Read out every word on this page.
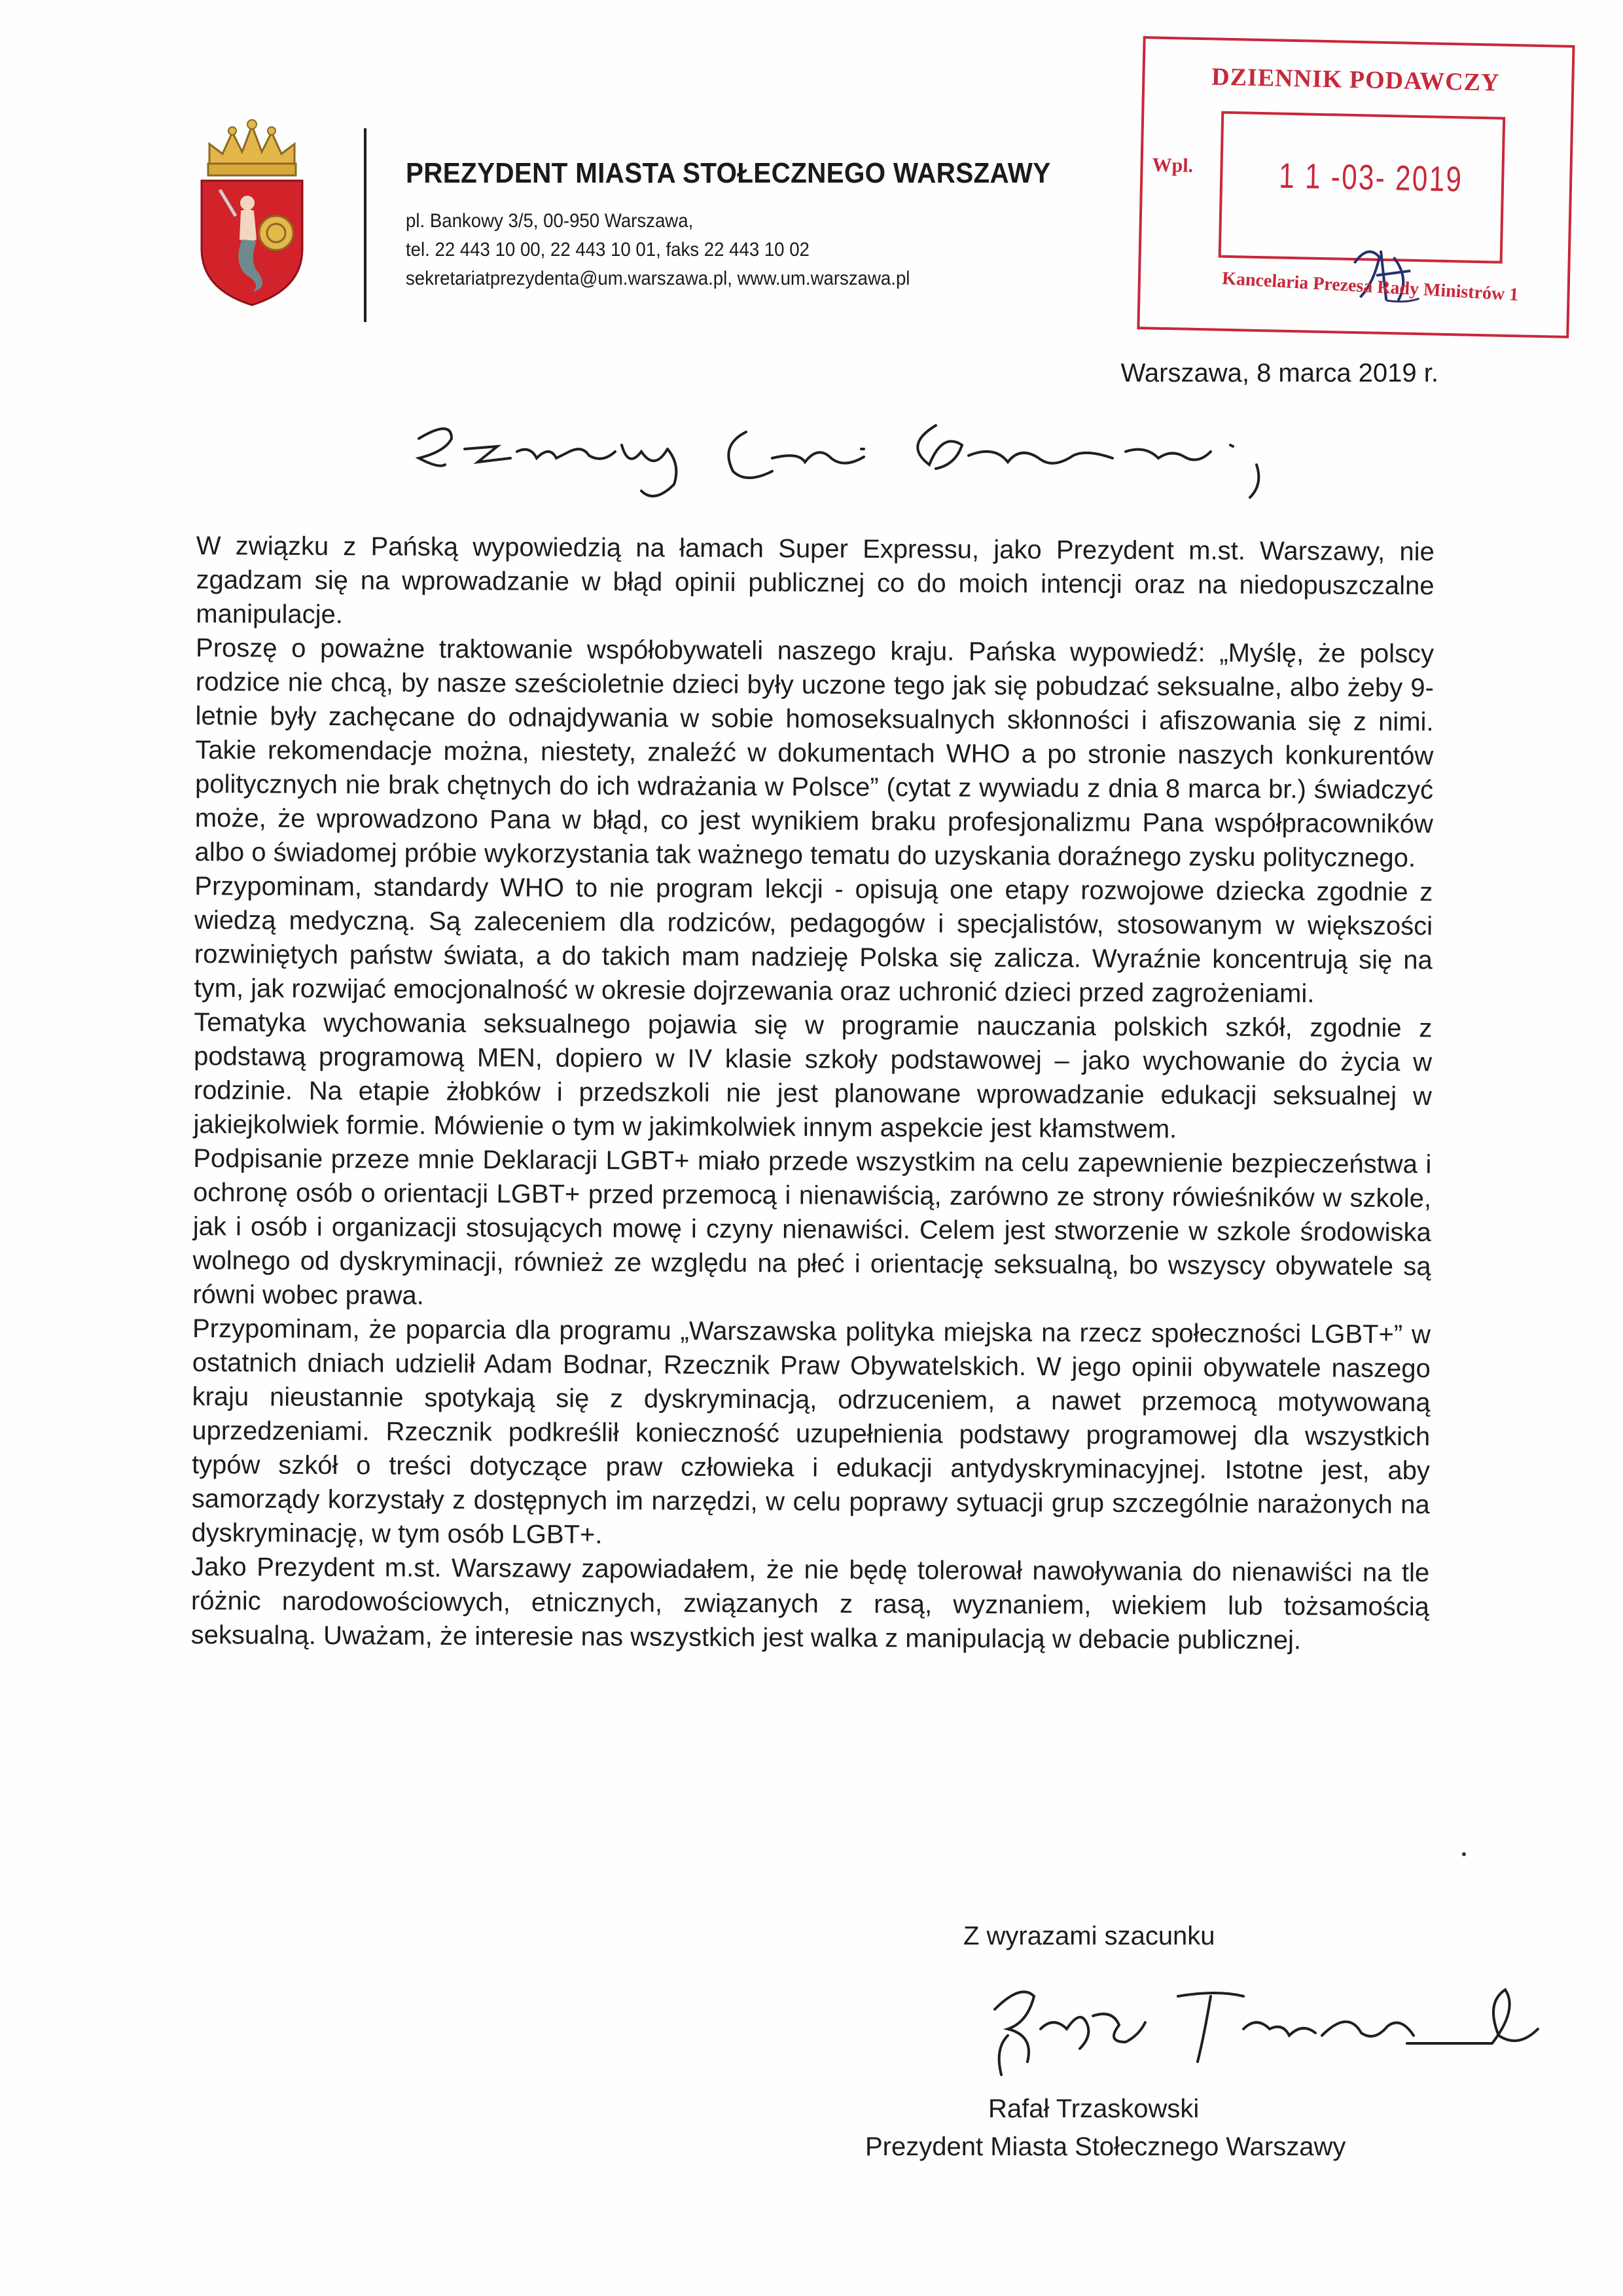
PREZYDENT MIASTA STOŁECZNEGO WARSZAWY
pl. Bankowy 3/5, 00-950 Warszawa,
tel. 22 443 10 00, 22 443 10 01, faks 22 443 10 02
sekretariatprezydenta@um.warszawa.pl, www.um.warszawa.pl
DZIENNIK PODAWCZY
Wpl. 1 1 -03- 2019
Kancelaria Prezesa Rady Ministrów 1
Warszawa, 8 marca 2019 r.

W związku z Pańską wypowiedzią na łamach Super Expressu, jako Prezydent m.st. Warszawy, nie zgadzam się na wprowadzanie w błąd opinii publicznej co do moich intencji oraz na niedopuszczalne manipulacje.

Proszę o poważne traktowanie współobywateli naszego kraju. Pańska wypowiedź: „Myślę, że polscy rodzice nie chcą, by nasze sześcioletnie dzieci były uczone tego jak się pobudzać seksualne, albo żeby 9-letnie były zachęcane do odnajdywania w sobie homoseksualnych skłonności i afiszowania się z nimi. Takie rekomendacje można, niestety, znaleźć w dokumentach WHO a po stronie naszych konkurentów politycznych nie brak chętnych do ich wdrażania w Polsce” (cytat z wywiadu z dnia 8 marca br.) świadczyć może, że wprowadzono Pana w błąd, co jest wynikiem braku profesjonalizmu Pana współpracowników albo o świadomej próbie wykorzystania tak ważnego tematu do uzyskania doraźnego zysku politycznego.

Przypominam, standardy WHO to nie program lekcji - opisują one etapy rozwojowe dziecka zgodnie z wiedzą medyczną. Są zaleceniem dla rodziców, pedagogów i specjalistów, stosowanym w większości rozwiniętych państw świata, a do takich mam nadzieję Polska się zalicza. Wyraźnie koncentrują się na tym, jak rozwijać emocjonalność w okresie dojrzewania oraz uchronić dzieci przed zagrożeniami.

Tematyka wychowania seksualnego pojawia się w programie nauczania polskich szkół, zgodnie z podstawą programową MEN, dopiero w IV klasie szkoły podstawowej – jako wychowanie do życia w rodzinie. Na etapie żłobków i przedszkoli nie jest planowane wprowadzanie edukacji seksualnej w jakiejkolwiek formie. Mówienie o tym w jakimkolwiek innym aspekcie jest kłamstwem.

Podpisanie przeze mnie Deklaracji LGBT+ miało przede wszystkim na celu zapewnienie bezpieczeństwa i ochronę osób o orientacji LGBT+ przed przemocą i nienawiścią, zarówno ze strony rówieśników w szkole, jak i osób i organizacji stosujących mowę i czyny nienawiści. Celem jest stworzenie w szkole środowiska wolnego od dyskryminacji, również ze względu na płeć i orientację seksualną, bo wszyscy obywatele są równi wobec prawa.

Przypominam, że poparcia dla programu „Warszawska polityka miejska na rzecz społeczności LGBT+” w ostatnich dniach udzielił Adam Bodnar, Rzecznik Praw Obywatelskich. W jego opinii obywatele naszego kraju nieustannie spotykają się z dyskryminacją, odrzuceniem, a nawet przemocą motywowaną uprzedzeniami. Rzecznik podkreślił konieczność uzupełnienia podstawy programowej dla wszystkich typów szkół o treści dotyczące praw człowieka i edukacji antydyskryminacyjnej. Istotne jest, aby samorządy korzystały z dostępnych im narzędzi, w celu poprawy sytuacji grup szczególnie narażonych na dyskryminację, w tym osób LGBT+.

Jako Prezydent m.st. Warszawy zapowiadałem, że nie będę tolerował nawoływania do nienawiści na tle różnic narodowościowych, etnicznych, związanych z rasą, wyznaniem, wiekiem lub tożsamością seksualną. Uważam, że interesie nas wszystkich jest walka z manipulacją w debacie publicznej.

Z wyrazami szacunku
Rafał Trzaskowski
Prezydent Miasta Stołecznego Warszawy
